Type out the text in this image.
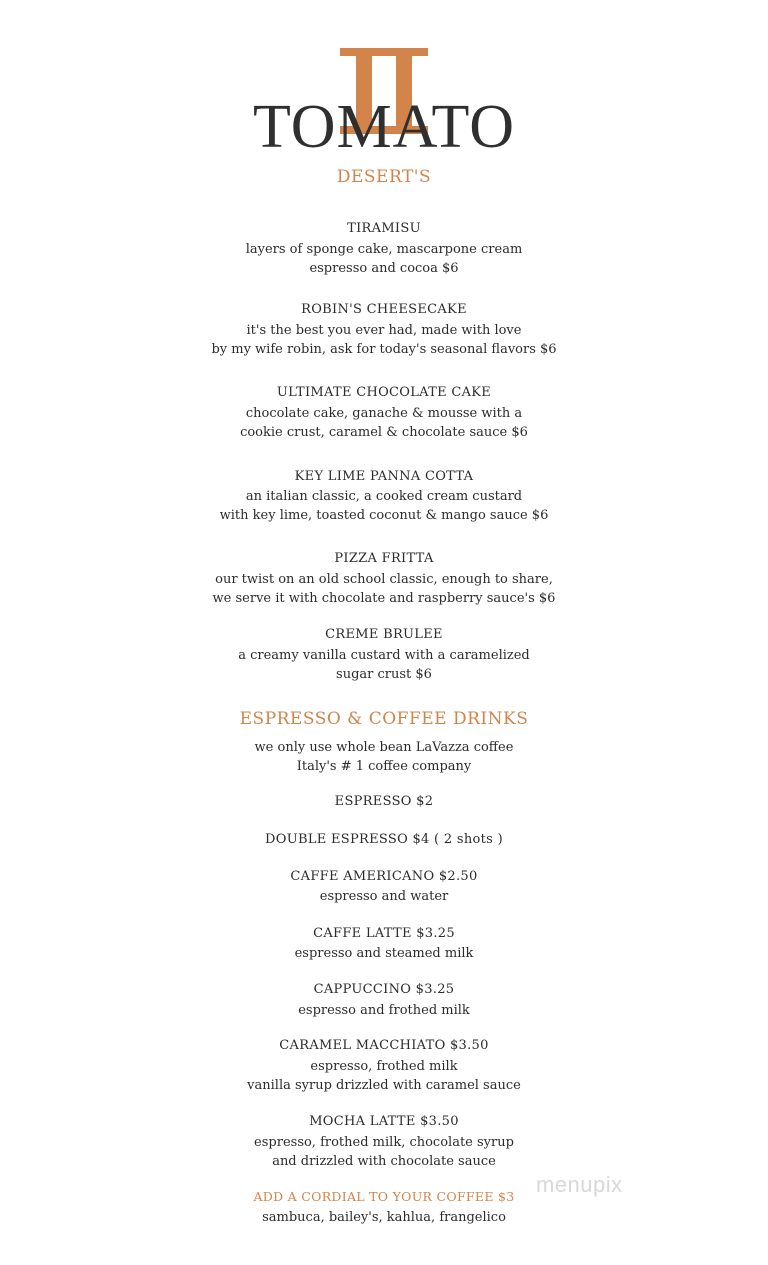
TOMATO
DESERT'S
TIRAMISU
layers of sponge cake, mascarpone cream
espresso and cocoa $6
ROBIN'S CHEESECAKE
it's the best you ever had, made with love
by my wife robin, ask for today's seasonal flavors $6
ULTIMATE CHOCOLATE CAKE
chocolate cake, ganache & mousse with a
cookie crust, caramel & chocolate sauce $6
KEY LIME PANNA COTTA
an italian classic, a cooked cream custard
with key lime, toasted coconut & mango sauce $6
PIZZA FRITTA
our twist on an old school classic, enough to share,
we serve it with chocolate and raspberry sauce's $6
CREME BRULEE
a creamy vanilla custard with a caramelized
sugar crust $6
ESPRESSO & COFFEE DRINKS
we only use whole bean LaVazza coffee
Italy's # 1 coffee company
ESPRESSO $2
DOUBLE ESPRESSO $4 ( 2 shots )
CAFFE AMERICANO $2.50
espresso and water
CAFFE LATTE $3.25
espresso and steamed milk
CAPPUCCINO $3.25
espresso and frothed milk
CARAMEL MACCHIATO $3.50
espresso, frothed milk
vanilla syrup drizzled with caramel sauce
MOCHA LATTE $3.50
espresso, frothed milk, chocolate syrup
and drizzled with chocolate sauce
ADD A CORDIAL TO YOUR COFFEE $3
sambuca, bailey's, kahlua, frangelico
menupix
